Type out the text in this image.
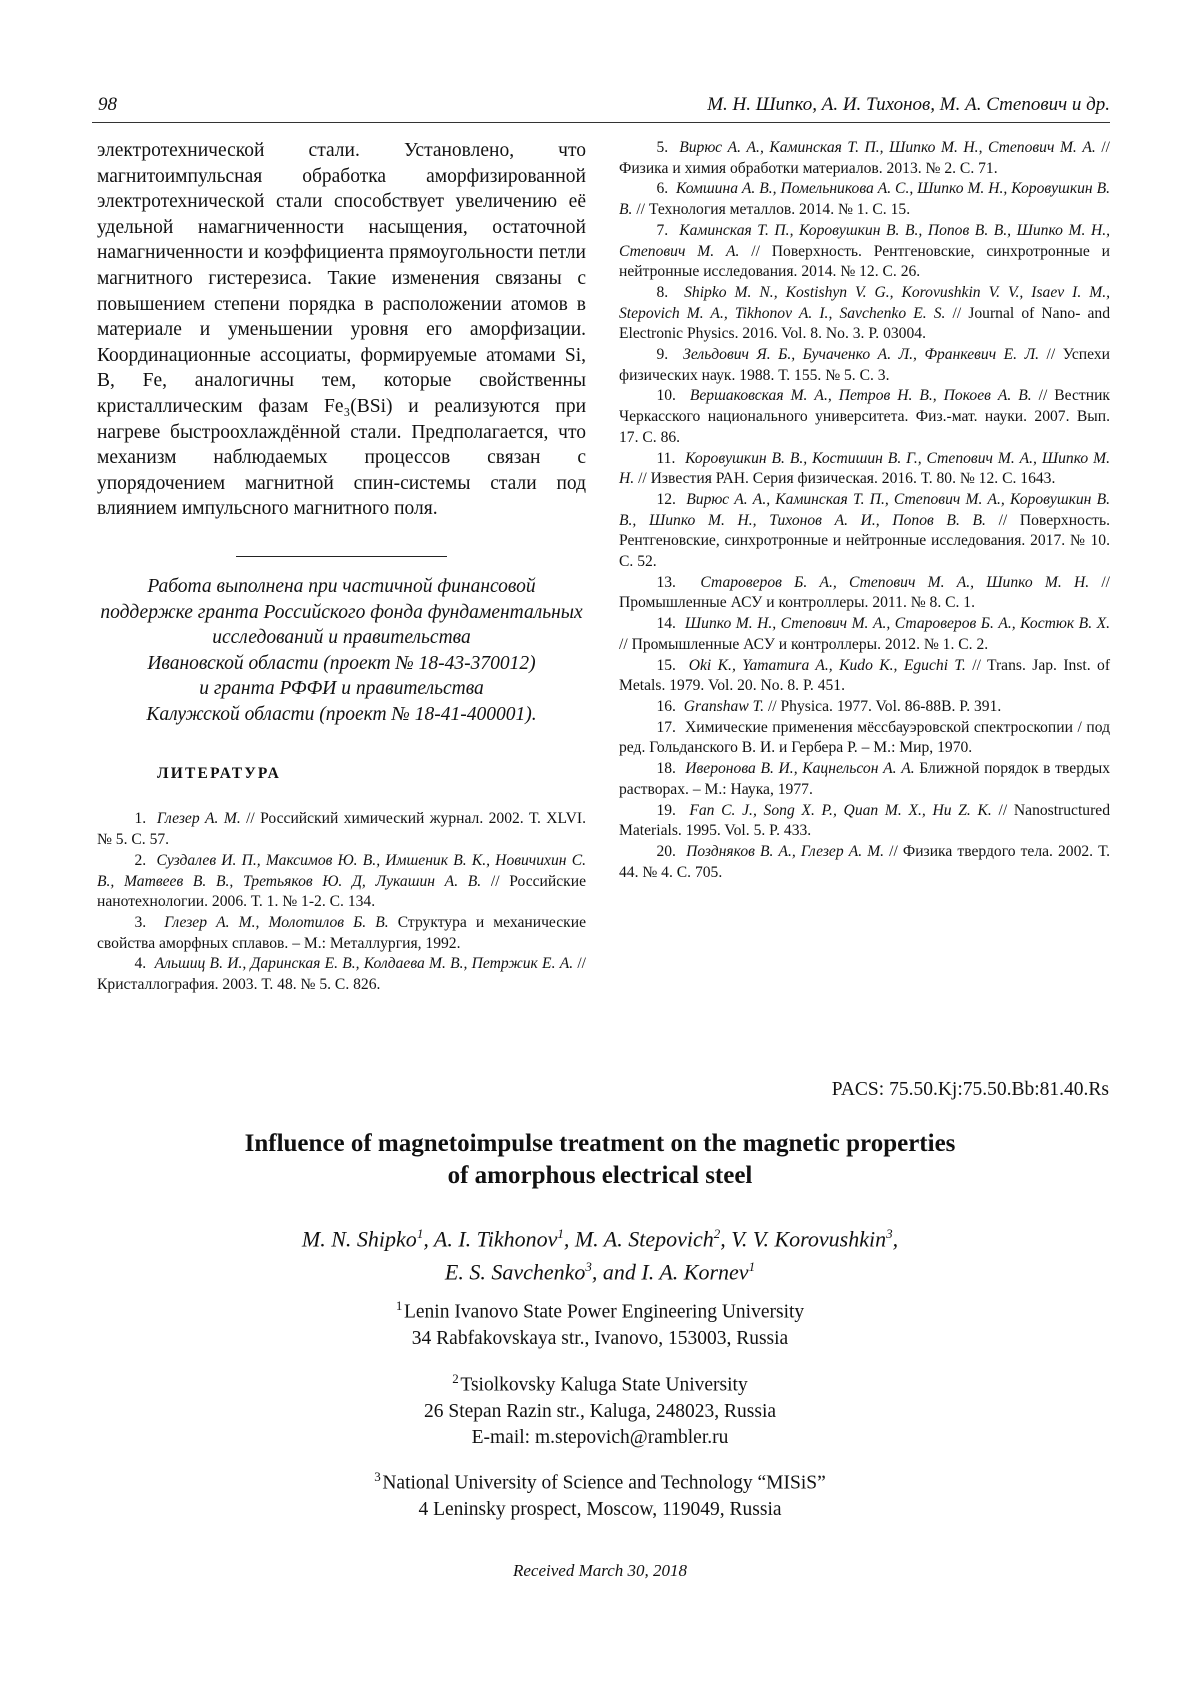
98	М. Н. Шипко, А. И. Тихонов, М. А. Степович и др.

электротехнической стали. Установлено, что магнитоимпульсная обработка аморфизированной электротехнической стали способствует увеличению её удельной намагниченности насыщения, остаточной намагниченности и коэффициента прямоугольности петли магнитного гистерезиса. Такие изменения связаны с повышением степени порядка в расположении атомов в материале и уменьшении уровня его аморфизации. Координационные ассоциаты, формируемые атомами Si, B, Fe, аналогичны тем, которые свойственны кристаллическим фазам Fe₃(BSi) и реализуются при нагреве быстроохлаждённой стали. Предполагается, что механизм наблюдаемых процессов связан с упорядочением магнитной спин-системы стали под влиянием импульсного магнитного поля.

Работа выполнена при частичной финансовой
поддержке гранта Российского фонда фундаментальных исследований и правительства
Ивановской области (проект № 18-43-370012)
и гранта РФФИ и правительства
Калужской области (проект № 18-41-400001).

ЛИТЕРАТУРА

1. Глезер А. М. // Российский химический журнал. 2002. Т. XLVI. № 5. С. 57.

2. Суздалев И. П., Максимов Ю. В., Имшеник В. К., Новичихин С. В., Матвеев В. В., Третьяков Ю. Д, Лукашин А. В. // Российские нанотехнологии. 2006. Т. 1. № 1-2. С. 134.

3. Глезер А. М., Молотилов Б. В. Структура и механические свойства аморфных сплавов. – М.: Металлургия, 1992.

4. Альшиц В. И., Даринская Е. В., Колдаева М. В., Петржик Е. А. // Кристаллография. 2003. Т. 48. № 5. С. 826.

5. Вирюс А. А., Каминская Т. П., Шипко М. Н., Степович М. А. // Физика и химия обработки материалов. 2013. № 2. С. 71.

6. Комшина А. В., Помельникова А. С., Шипко М. Н., Коровушкин В. В. // Технология металлов. 2014. № 1. С. 15.

7. Каминская Т. П., Коровушкин В. В., Попов В. В., Шипко М. Н., Степович М. А. // Поверхность. Рентгеновские, синхротронные и нейтронные исследования. 2014. № 12. С. 26.

8. Shipko M. N., Kostishyn V. G., Korovushkin V. V., Isaev I. M., Stepovich M. A., Tikhonov A. I., Savchenko E. S. // Journal of Nano- and Electronic Physics. 2016. Vol. 8. No. 3. P. 03004.

9. Зельдович Я. Б., Бучаченко А. Л., Франкевич Е. Л. // Успехи физических наук. 1988. Т. 155. № 5. С. 3.

10. Вершаковская М. А., Петров Н. В., Покоев А. В. // Вестник Черкасского национального университета. Физ.-мат. науки. 2007. Вып. 17. С. 86.

11. Коровушкин В. В., Костишин В. Г., Степович М. А., Шипко М. Н. // Известия РАН. Серия физическая. 2016. Т. 80. № 12. С. 1643.

12. Вирюс А. А., Каминская Т. П., Степович М. А., Коровушкин В. В., Шипко М. Н., Тихонов А. И., Попов В. В. // Поверхность. Рентгеновские, синхротронные и нейтронные исследования. 2017. № 10. С. 52.

13. Староверов Б. А., Степович М. А., Шипко М. Н. // Промышленные АСУ и контроллеры. 2011. № 8. С. 1.

14. Шипко М. Н., Степович М. А., Староверов Б. А., Костюк В. Х. // Промышленные АСУ и контроллеры. 2012. № 1. С. 2.

15. Oki K., Yamamura A., Kudo K., Eguchi T. // Trans. Jap. Inst. of Metals. 1979. Vol. 20. No. 8. P. 451.

16. Granshaw T. // Physica. 1977. Vol. 86-88B. P. 391.

17. Химические применения мёссбауэровской спектроскопии / под ред. Гольданского В. И. и Гербера Р. – М.: Мир, 1970.

18. Иверонова В. И., Кацнельсон А. А. Ближной порядок в твердых растворах. – М.: Наука, 1977.

19. Fan C. J., Song X. P., Quan M. X., Hu Z. K. // Nanostructured Materials. 1995. Vol. 5. P. 433.

20. Поздняков В. А., Глезер А. М. // Физика твердого тела. 2002. Т. 44. № 4. С. 705.

PACS: 75.50.Kj:75.50.Bb:81.40.Rs
Influence of magnetoimpulse treatment on the magnetic properties
of amorphous electrical steel
M. N. Shipko$^1$, A. I. Tikhonov$^1$, M. A. Stepovich$^2$, V. V. Korovushkin$^3$,
E. S. Savchenko$^3$, and I. A. Kornev$^1$
$^1$ Lenin Ivanovo State Power Engineering University
34 Rabfakovskaya str., Ivanovo, 153003, Russia
$^2$ Tsiolkovsky Kaluga State University
26 Stepan Razin str., Kaluga, 248023, Russia
E-mail: m.stepovich@rambler.ru
$^3$ National University of Science and Technology “MISiS”
4 Leninsky prospect, Moscow, 119049, Russia
Received March 30, 2018
